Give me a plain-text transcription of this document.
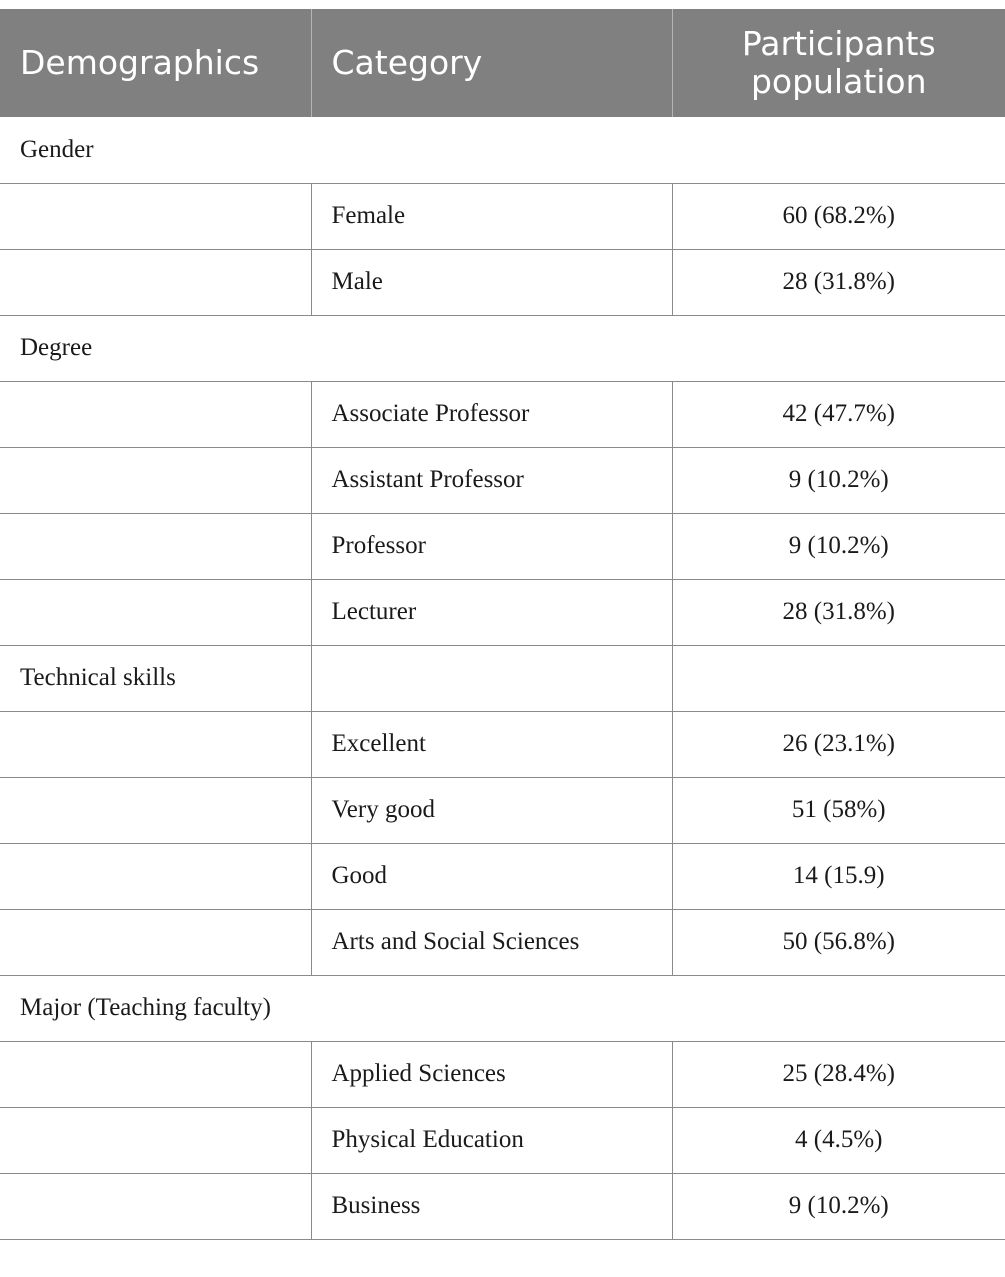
Demographics	Category	Participants population
Gender		
	Female	60 (68.2%)
	Male	28 (31.8%)
Degree		
	Associate Professor	42 (47.7%)
	Assistant Professor	9 (10.2%)
	Professor	9 (10.2%)
	Lecturer	28 (31.8%)
Technical skills		
	Excellent	26 (23.1%)
	Very good	51 (58%)
	Good	14 (15.9)
	Arts and Social Sciences	50 (56.8%)
Major (Teaching faculty)		
	Applied Sciences	25 (28.4%)
	Physical Education	4 (4.5%)
	Business	9 (10.2%)
